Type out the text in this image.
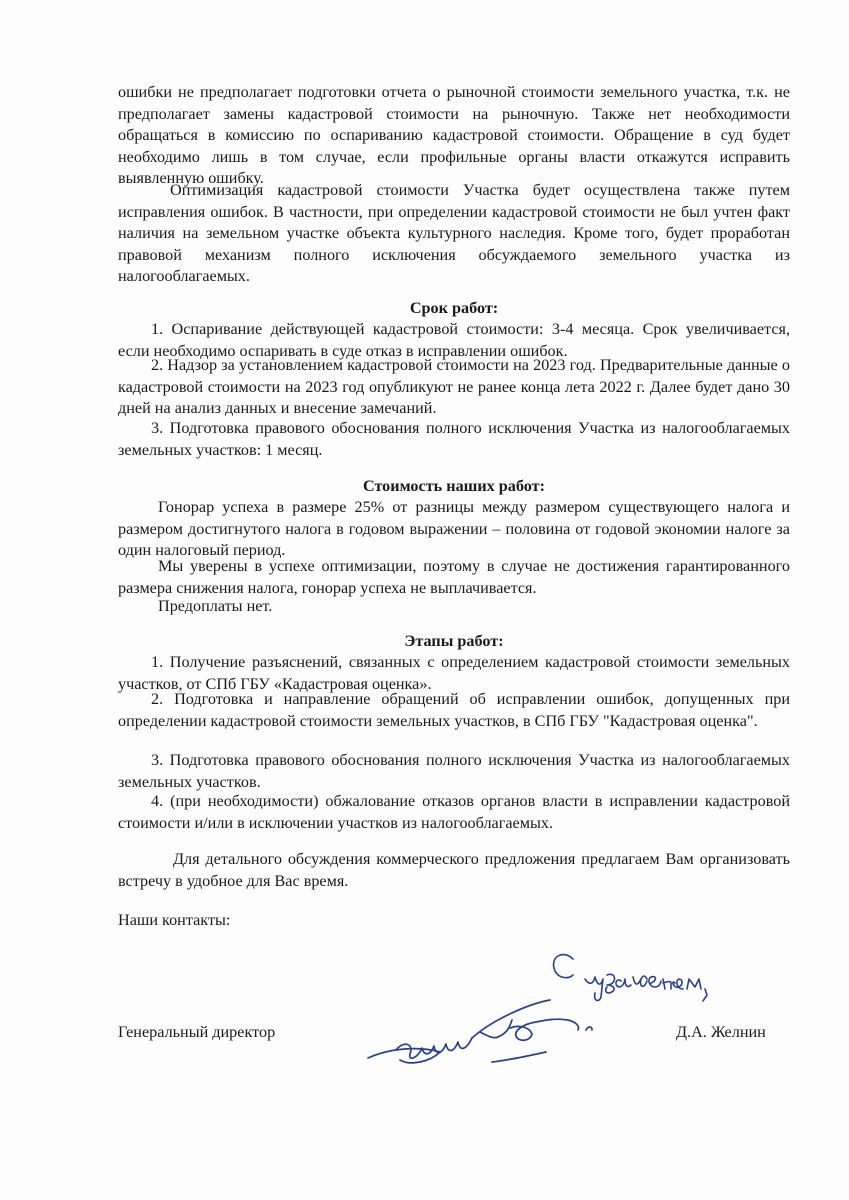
ошибки не предполагает подготовки отчета о рыночной стоимости земельного участка, т.к. не предполагает замены кадастровой стоимости на рыночную. Также нет необходимости обращаться в комиссию по оспариванию кадастровой стоимости. Обращение в суд будет необходимо лишь в том случае, если профильные органы власти откажутся исправить выявленную ошибку.
Оптимизация кадастровой стоимости Участка будет осуществлена также путем исправления ошибок. В частности, при определении кадастровой стоимости не был учтен факт наличия на земельном участке объекта культурного наследия. Кроме того, будет проработан правовой механизм полного исключения обсуждаемого земельного участка из налогооблагаемых.
Срок работ:
1. Оспаривание действующей кадастровой стоимости: 3-4 месяца. Срок увеличивается, если необходимо оспаривать в суде отказ в исправлении ошибок.
2. Надзор за установлением кадастровой стоимости на 2023 год. Предварительные данные о кадастровой стоимости на 2023 год опубликуют не ранее конца лета 2022 г. Далее будет дано 30 дней на анализ данных и внесение замечаний.
3. Подготовка правового обоснования полного исключения Участка из налогооблагаемых земельных участков: 1 месяц.
Стоимость наших работ:
Гонорар успеха в размере 25% от разницы между размером существующего налога и размером достигнутого налога в годовом выражении – половина от годовой экономии налоге за один налоговый период.
Мы уверены в успехе оптимизации, поэтому в случае не достижения гарантированного размера снижения налога, гонорар успеха не выплачивается.
Предоплаты нет.
Этапы работ:
1. Получение разъяснений, связанных с определением кадастровой стоимости земельных участков, от СПб ГБУ «Кадастровая оценка».
2. Подготовка и направление обращений об исправлении ошибок, допущенных при определении кадастровой стоимости земельных участков, в СПб ГБУ "Кадастровая оценка".
3. Подготовка правового обоснования полного исключения Участка из налогооблагаемых земельных участков.
4. (при необходимости) обжалование отказов органов власти в исправлении кадастровой стоимости и/или в исключении участков из налогооблагаемых.
Для детального обсуждения коммерческого предложения предлагаем Вам организовать встречу в удобное для Вас время.
Наши контакты:
Генеральный директор	Д.А. Желнин
